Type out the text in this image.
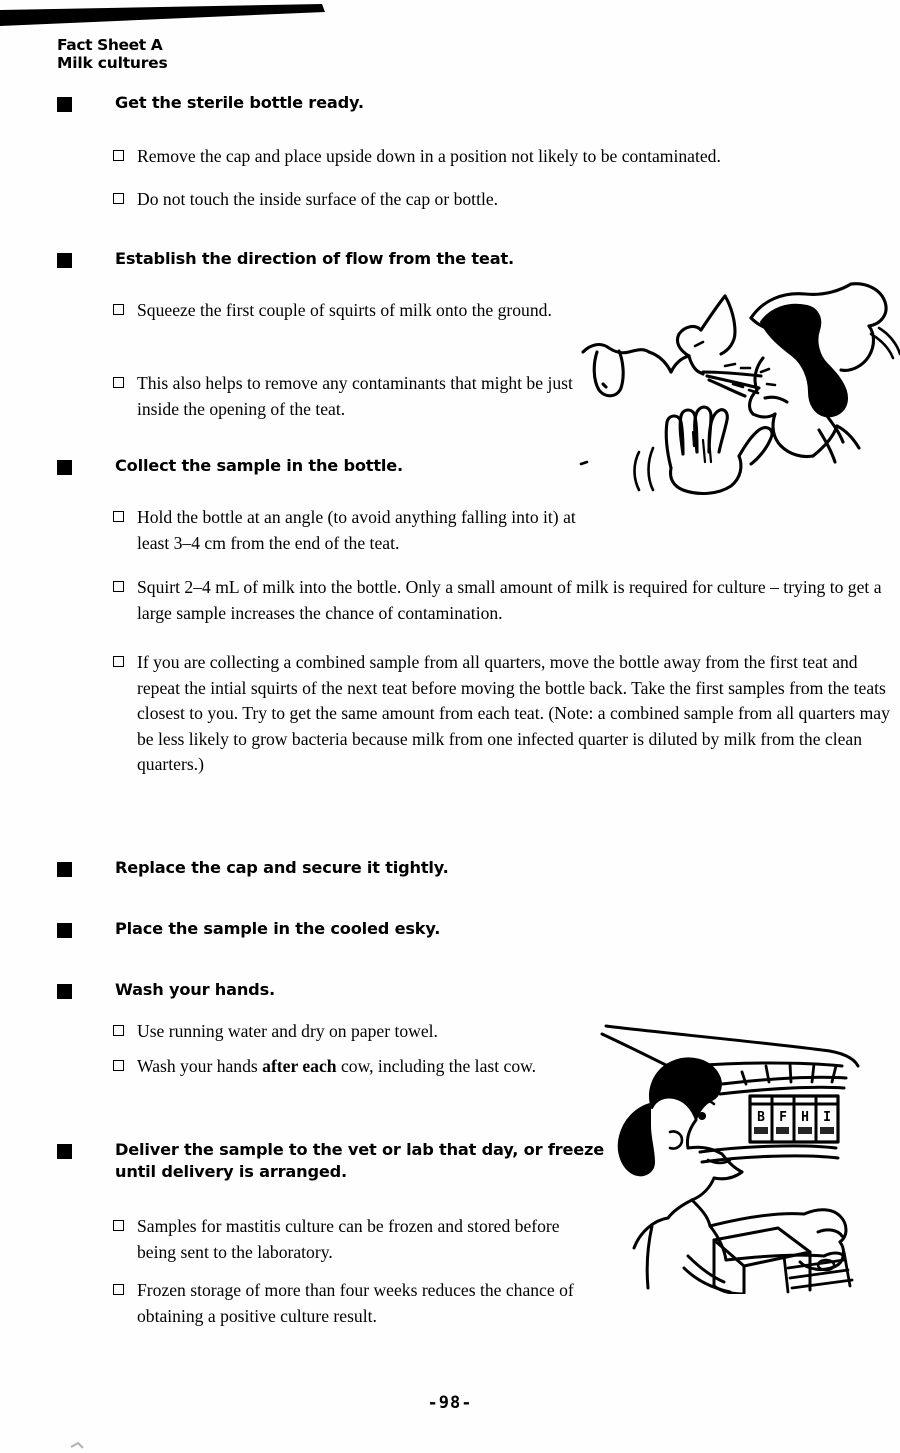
Fact Sheet A
Milk cultures
Get the sterile bottle ready.
Remove the cap and place upside down in a position not likely to be contaminated.
Do not touch the inside surface of the cap or bottle.
Establish the direction of flow from the teat.
Squeeze the first couple of squirts of milk onto the ground.
This also helps to remove any contaminants that might be just inside the opening of the teat.
Collect the sample in the bottle.
Hold the bottle at an angle (to avoid anything falling into it) at least 3–4 cm from the end of the teat.
Squirt 2–4 mL of milk into the bottle. Only a small amount of milk is required for culture – trying to get a large sample increases the chance of contamination.
If you are collecting a combined sample from all quarters, move the bottle away from the first teat and repeat the intial squirts of the next teat before moving the bottle back. Take the first samples from the teats closest to you. Try to get the same amount from each teat. (Note: a combined sample from all quarters may be less likely to grow bacteria because milk from one infected quarter is diluted by milk from the clean quarters.)
Replace the cap and secure it tightly.
Place the sample in the cooled esky.
Wash your hands.
Use running water and dry on paper towel.
Wash your hands after each cow, including the last cow.
Deliver the sample to the vet or lab that day, or freeze until delivery is arranged.
Samples for mastitis culture can be frozen and stored before being sent to the laboratory.
Frozen storage of more than four weeks reduces the chance of obtaining a positive culture result.
B F H I
-98-
